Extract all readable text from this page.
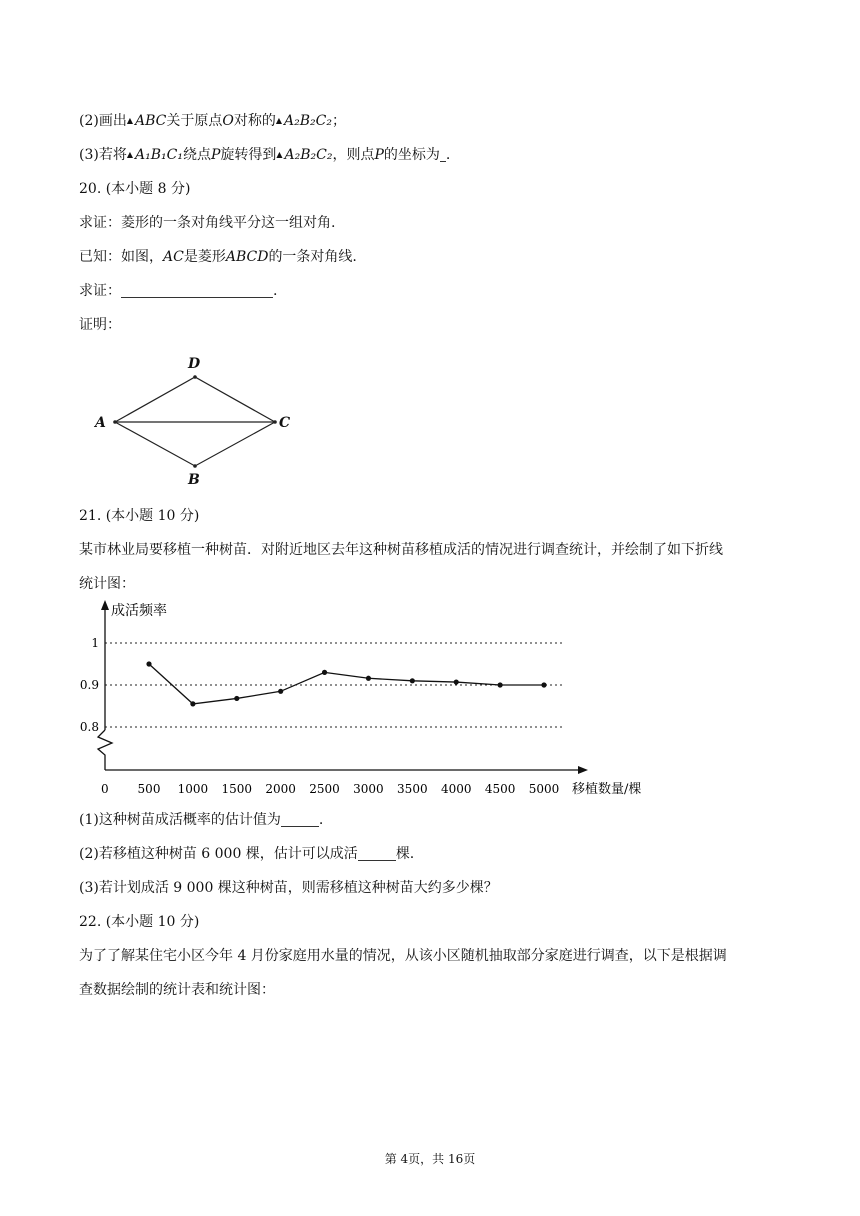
(2)画出▲ ABC关于原点O对称的▲ A₂B₂C₂；
(3)若将▲ A₁B₁C₁绕点P旋转得到▲ A₂B₂C₂，则点P的坐标为 .
20. (本小题 8 分)
求证：菱形的一条对角线平分这一组对角.
已知：如图，AC是菱形ABCD的一条对角线.
求证：	.
证明：
A
D
C
B
21. (本小题 10 分)
某市林业局要移植一种树苗．对附近地区去年这种树苗移植成活的情况进行调查统计，并绘制了如下折线
统计图：
成活频率
移植数量/棵
0
0.8
0.9
1
500 1000 1500 2000 2500 3000 3500 4000 4500 5000
(1)这种树苗成活概率的估计值为	.
(2)若移植这种树苗 6 000 棵，估计可以成活	棵.
(3)若计划成活 9 000 棵这种树苗，则需移植这种树苗大约多少棵？
22. (本小题 10 分)
为了了解某住宅小区今年 4 月份家庭用水量的情况，从该小区随机抽取部分家庭进行调查，以下是根据调
查数据绘制的统计表和统计图：
第 4页，共 16页
